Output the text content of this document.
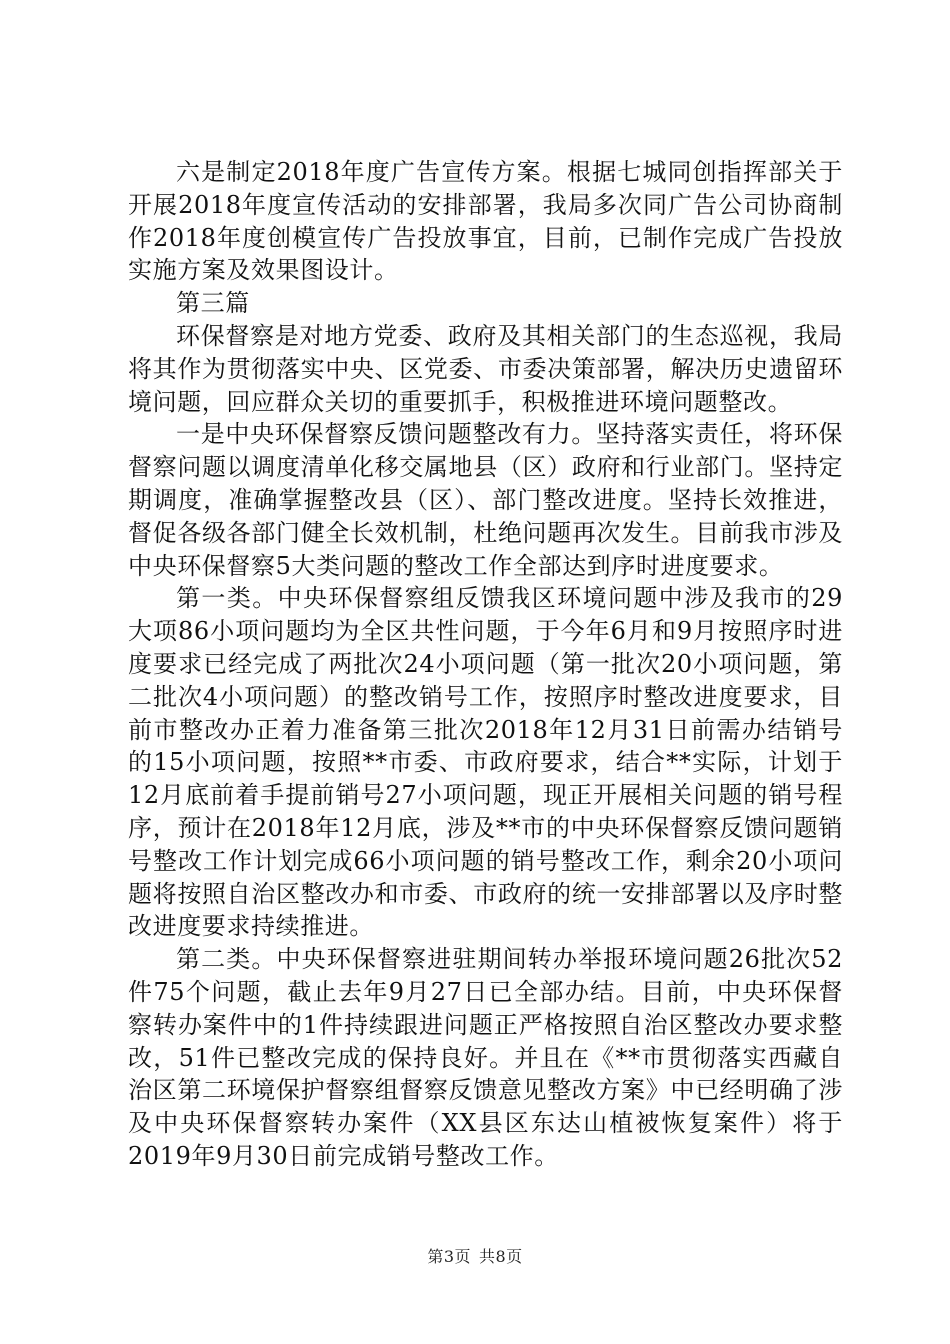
六是制定2018年度广告宣传方案。根据七城同创指挥部关于开展2018年度宣传活动的安排部署，我局多次同广告公司协商制作2018年度创模宣传广告投放事宜，目前，已制作完成广告投放实施方案及效果图设计。

第三篇

环保督察是对地方党委、政府及其相关部门的生态巡视，我局将其作为贯彻落实中央、区党委、市委决策部署，解决历史遗留环境问题，回应群众关切的重要抓手，积极推进环境问题整改。

一是中央环保督察反馈问题整改有力。坚持落实责任，将环保督察问题以调度清单化移交属地县（区）政府和行业部门。坚持定期调度，准确掌握整改县（区）、部门整改进度。坚持长效推进，督促各级各部门健全长效机制，杜绝问题再次发生。目前我市涉及中央环保督察5大类问题的整改工作全部达到序时进度要求。

第一类。中央环保督察组反馈我区环境问题中涉及我市的29大项86小项问题均为全区共性问题，于今年6月和9月按照序时进度要求已经完成了两批次24小项问题（第一批次20小项问题，第二批次4小项问题）的整改销号工作，按照序时整改进度要求，目前市整改办正着力准备第三批次2018年12月31日前需办结销号的15小项问题，按照**市委、市政府要求，结合**实际，计划于12月底前着手提前销号27小项问题，现正开展相关问题的销号程序，预计在2018年12月底，涉及**市的中央环保督察反馈问题销号整改工作计划完成66小项问题的销号整改工作，剩余20小项问题将按照自治区整改办和市委、市政府的统一安排部署以及序时整改进度要求持续推进。

第二类。中央环保督察进驻期间转办举报环境问题26批次52件75个问题，截止去年9月27日已全部办结。目前，中央环保督察转办案件中的1件持续跟进问题正严格按照自治区整改办要求整改，51件已整改完成的保持良好。并且在《**市贯彻落实西藏自治区第二环境保护督察组督察反馈意见整改方案》中已经明确了涉及中央环保督察转办案件（XX县区东达山植被恢复案件）将于2019年9月30日前完成销号整改工作。

第3页 共8页
